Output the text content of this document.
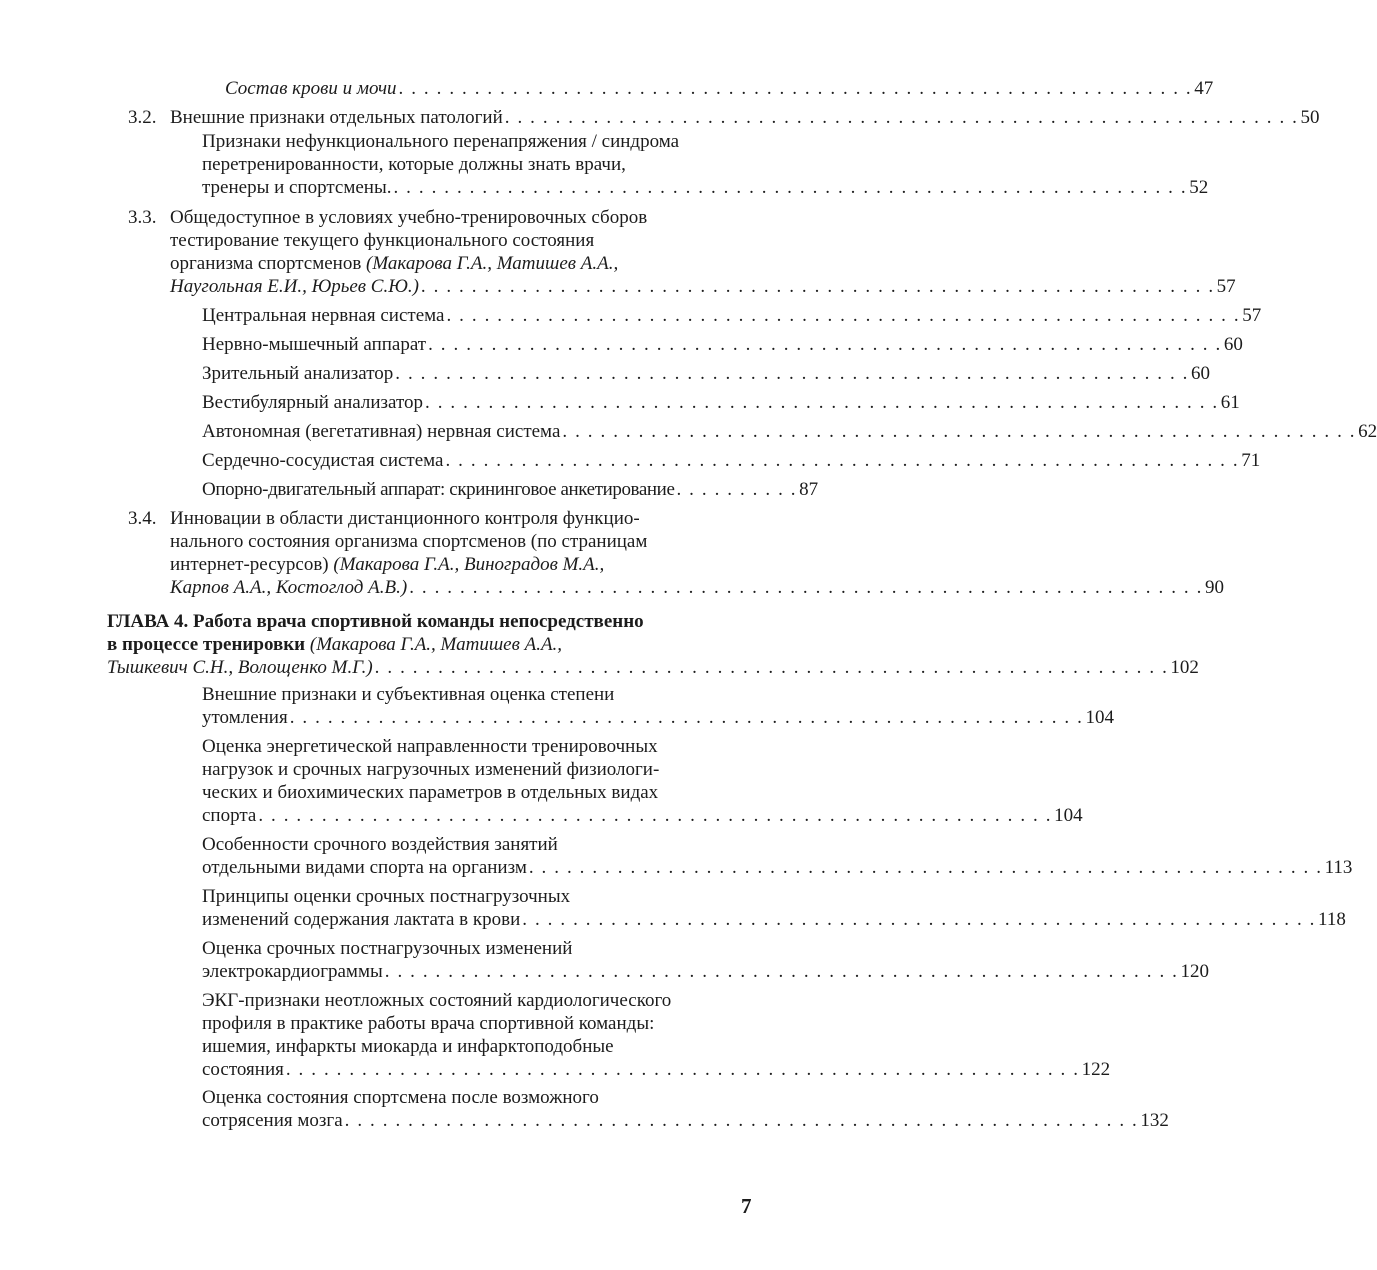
Состав крови и мочи . . . . . . . . . . . . . . . . . . . . . . . . . . . . . . . . . . . . . . . . . . . . . . . . . . . . . . . . . . . . . . . 47
3.2. Внешние признаки отдельных патологий . . . . . . . . . . . . . . . . . . . . . . . . . . . . . . . . . . . . . . . . . . . . . . . . . . . . . . . . . . . . . . . 50
Признаки нефункционального перенапряжения / синдрома
перетренированности, которые должны знать врачи,
тренеры и спортсмены. . . . . . . . . . . . . . . . . . . . . . . . . . . . . . . . . . . . . . . . . . . . . . . . . . . . . . . . . . . . . . . . 52
3.3. Общедоступное в условиях учебно-тренировочных сборов
тестирование текущего функционального состояния
организма спортсменов (Макарова Г.А., Матишев А.А.,
Наугольная Е.И., Юрьев С.Ю.) . . . . . . . . . . . . . . . . . . . . . . . . . . . . . . . . . . . . . . . . . . . . . . . . . . . . . . . . . . . . . . . 57
Центральная нервная система . . . . . . . . . . . . . . . . . . . . . . . . . . . . . . . . . . . . . . . . . . . . . . . . . . . . . . . . . . . . . . . 57
Нервно-мышечный аппарат . . . . . . . . . . . . . . . . . . . . . . . . . . . . . . . . . . . . . . . . . . . . . . . . . . . . . . . . . . . . . . . 60
Зрительный анализатор . . . . . . . . . . . . . . . . . . . . . . . . . . . . . . . . . . . . . . . . . . . . . . . . . . . . . . . . . . . . . . . 60
Вестибулярный анализатор . . . . . . . . . . . . . . . . . . . . . . . . . . . . . . . . . . . . . . . . . . . . . . . . . . . . . . . . . . . . . . . 61
Автономная (вегетативная) нервная система . . . . . . . . . . . . . . . . . . . . . . . . . . . . . . . . . . . . . . . . . . . . . . . . . . . . . . . . . . . . . . . 62
Сердечно-сосудистая система . . . . . . . . . . . . . . . . . . . . . . . . . . . . . . . . . . . . . . . . . . . . . . . . . . . . . . . . . . . . . . . 71
Опорно-двигательный аппарат: скрининговое анкетирование . . . . . . . . . . 87
3.4. Инновации в области дистанционного контроля функцио-
нального состояния организма спортсменов (по страницам
интернет-ресурсов) (Макарова Г.А., Виноградов М.А.,
Карпов А.А., Костоглод А.В.) . . . . . . . . . . . . . . . . . . . . . . . . . . . . . . . . . . . . . . . . . . . . . . . . . . . . . . . . . . . . . . . 90
ГЛАВА 4. Работа врача спортивной команды непосредственно
в процессе тренировки (Макарова Г.А., Матишев А.А.,
Тышкевич С.Н., Волощенко М.Г.) . . . . . . . . . . . . . . . . . . . . . . . . . . . . . . . . . . . . . . . . . . . . . . . . . . . . . . . . . . . . . . . 102
Внешние признаки и субъективная оценка степени
утомления . . . . . . . . . . . . . . . . . . . . . . . . . . . . . . . . . . . . . . . . . . . . . . . . . . . . . . . . . . . . . . . 104
Оценка энергетической направленности тренировочных
нагрузок и срочных нагрузочных изменений физиологи-
ческих и биохимических параметров в отдельных видах
спорта . . . . . . . . . . . . . . . . . . . . . . . . . . . . . . . . . . . . . . . . . . . . . . . . . . . . . . . . . . . . . . . 104
Особенности срочного воздействия занятий
отдельными видами спорта на организм . . . . . . . . . . . . . . . . . . . . . . . . . . . . . . . . . . . . . . . . . . . . . . . . . . . . . . . . . . . . . . . 113
Принципы оценки срочных постнагрузочных
изменений содержания лактата в крови . . . . . . . . . . . . . . . . . . . . . . . . . . . . . . . . . . . . . . . . . . . . . . . . . . . . . . . . . . . . . . . 118
Оценка срочных постнагрузочных изменений
электрокардиограммы . . . . . . . . . . . . . . . . . . . . . . . . . . . . . . . . . . . . . . . . . . . . . . . . . . . . . . . . . . . . . . . 120
ЭКГ-признаки неотложных состояний кардиологического
профиля в практике работы врача спортивной команды:
ишемия, инфаркты миокарда и инфарктоподобные
состояния . . . . . . . . . . . . . . . . . . . . . . . . . . . . . . . . . . . . . . . . . . . . . . . . . . . . . . . . . . . . . . . 122
Оценка состояния спортсмена после возможного
сотрясения мозга . . . . . . . . . . . . . . . . . . . . . . . . . . . . . . . . . . . . . . . . . . . . . . . . . . . . . . . . . . . . . . . 132
7
